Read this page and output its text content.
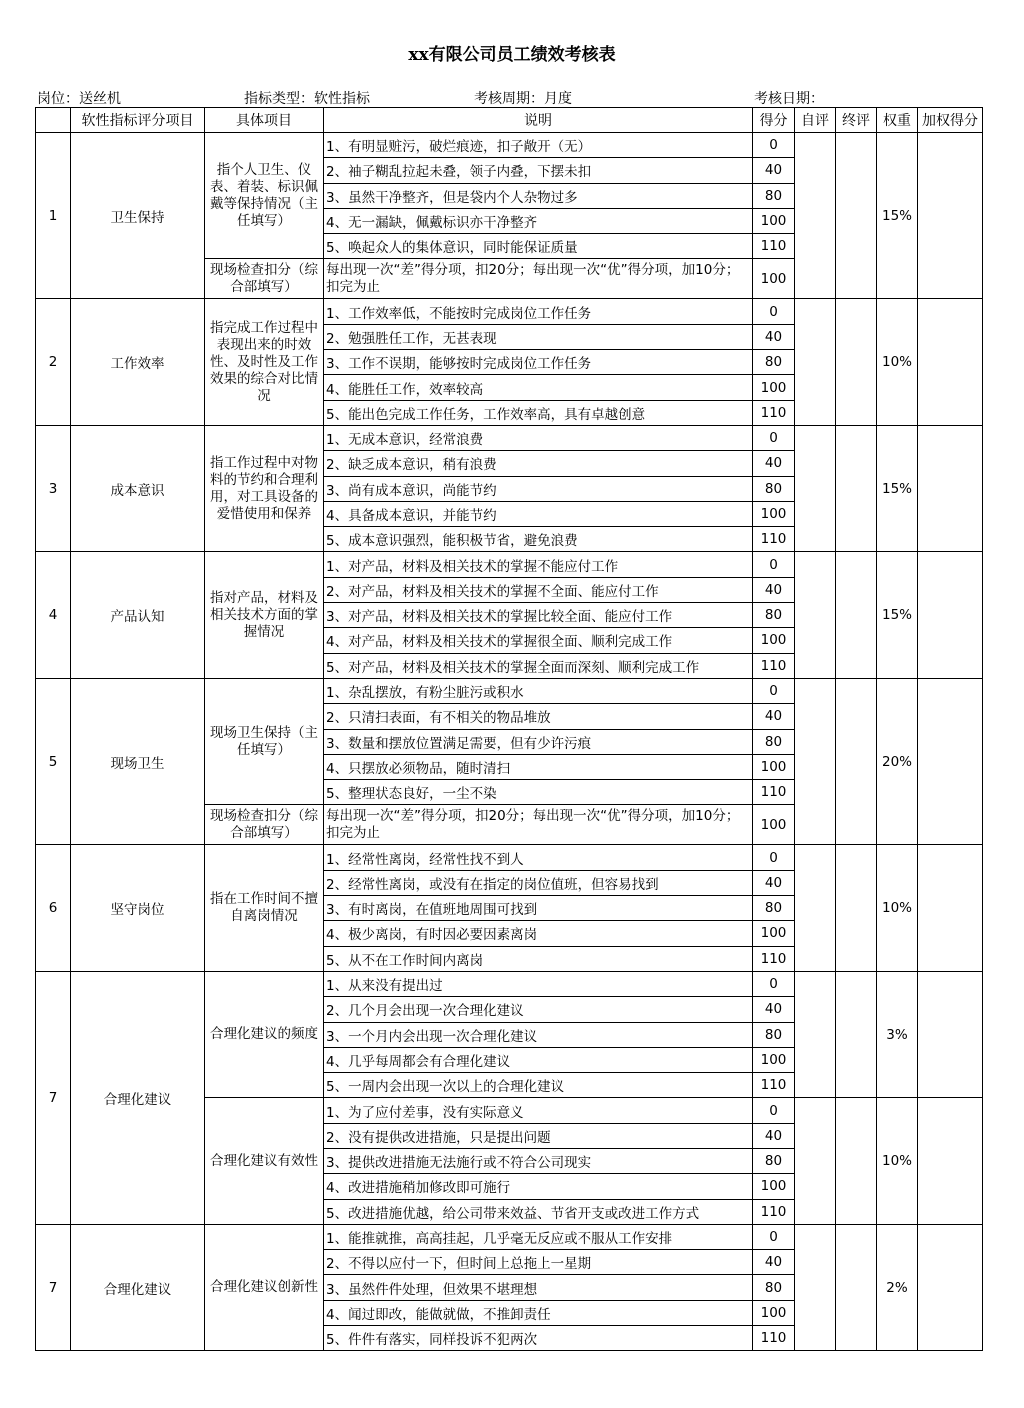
xx有限公司员工绩效考核表
岗位：送丝机	指标类型：软性指标	考核周期：月度	考核日期：
	软性指标评分项目	具体项目	说明	得分	自评	终评	权重	加权得分
1	卫生保持	指个人卫生、仪表、着装、标识佩戴等保持情况（主任填写）	1、有明显赃污，破烂痕迹，扣子敞开（无）	0			15%	
			2、袖子糊乱拉起未叠，领子内叠，下摆未扣	40				
			3、虽然干净整齐，但是袋内个人杂物过多	80				
			4、无一漏缺，佩戴标识亦干净整齐	100				
			5、唤起众人的集体意识，同时能保证质量	110				
		现场检查扣分（综合部填写）	每出现一次“差”得分项，扣20分；每出现一次“优”得分项，加10分；扣完为止	100				
2	工作效率	指完成工作过程中表现出来的时效性、及时性及工作效果的综合对比情况	1、工作效率低，不能按时完成岗位工作任务	0			10%	
			2、勉强胜任工作，无甚表现	40				
			3、工作不误期，能够按时完成岗位工作任务	80				
			4、能胜任工作，效率较高	100				
			5、能出色完成工作任务，工作效率高，具有卓越创意	110				
3	成本意识	指工作过程中对物料的节约和合理利用，对工具设备的爱惜使用和保养	1、无成本意识，经常浪费	0			15%	
			2、缺乏成本意识，稍有浪费	40				
			3、尚有成本意识，尚能节约	80				
			4、具备成本意识，并能节约	100				
			5、成本意识强烈，能积极节省，避免浪费	110				
4	产品认知	指对产品，材料及相关技术方面的掌握情况	1、对产品，材料及相关技术的掌握不能应付工作	0			15%	
			2、对产品，材料及相关技术的掌握不全面、能应付工作	40				
			3、对产品，材料及相关技术的掌握比较全面、能应付工作	80				
			4、对产品，材料及相关技术的掌握很全面、顺利完成工作	100				
			5、对产品，材料及相关技术的掌握全面而深刻、顺利完成工作	110				
5	现场卫生	现场卫生保持（主任填写）	1、杂乱摆放，有粉尘脏污或积水	0			20%	
			2、只清扫表面，有不相关的物品堆放	40				
			3、数量和摆放位置满足需要，但有少许污痕	80				
			4、只摆放必须物品，随时清扫	100				
			5、整理状态良好，一尘不染	110				
		现场检查扣分（综合部填写）	每出现一次“差”得分项，扣20分；每出现一次“优”得分项，加10分；扣完为止	100				
6	坚守岗位	指在工作时间不擅自离岗情况	1、经常性离岗，经常性找不到人	0			10%	
			2、经常性离岗，或没有在指定的岗位值班，但容易找到	40				
			3、有时离岗，在值班地周围可找到	80				
			4、极少离岗，有时因必要因素离岗	100				
			5、从不在工作时间内离岗	110				
7	合理化建议	合理化建议的频度	1、从来没有提出过	0			3%	
			2、几个月会出现一次合理化建议	40				
			3、一个月内会出现一次合理化建议	80				
			4、几乎每周都会有合理化建议	100				
			5、一周内会出现一次以上的合理化建议	110				
		合理化建议有效性	1、为了应付差事，没有实际意义	0			10%	
			2、没有提供改进措施，只是提出问题	40				
			3、提供改进措施无法施行或不符合公司现实	80				
			4、改进措施稍加修改即可施行	100				
			5、改进措施优越，给公司带来效益、节省开支或改进工作方式	110				
7	合理化建议	合理化建议创新性	1、能推就推，高高挂起，几乎毫无反应或不服从工作安排	0			2%	
			2、不得以应付一下，但时间上总拖上一星期	40				
			3、虽然件件处理，但效果不堪理想	80				
			4、闻过即改，能做就做，不推卸责任	100				
			5、件件有落实，同样投诉不犯两次	110				
